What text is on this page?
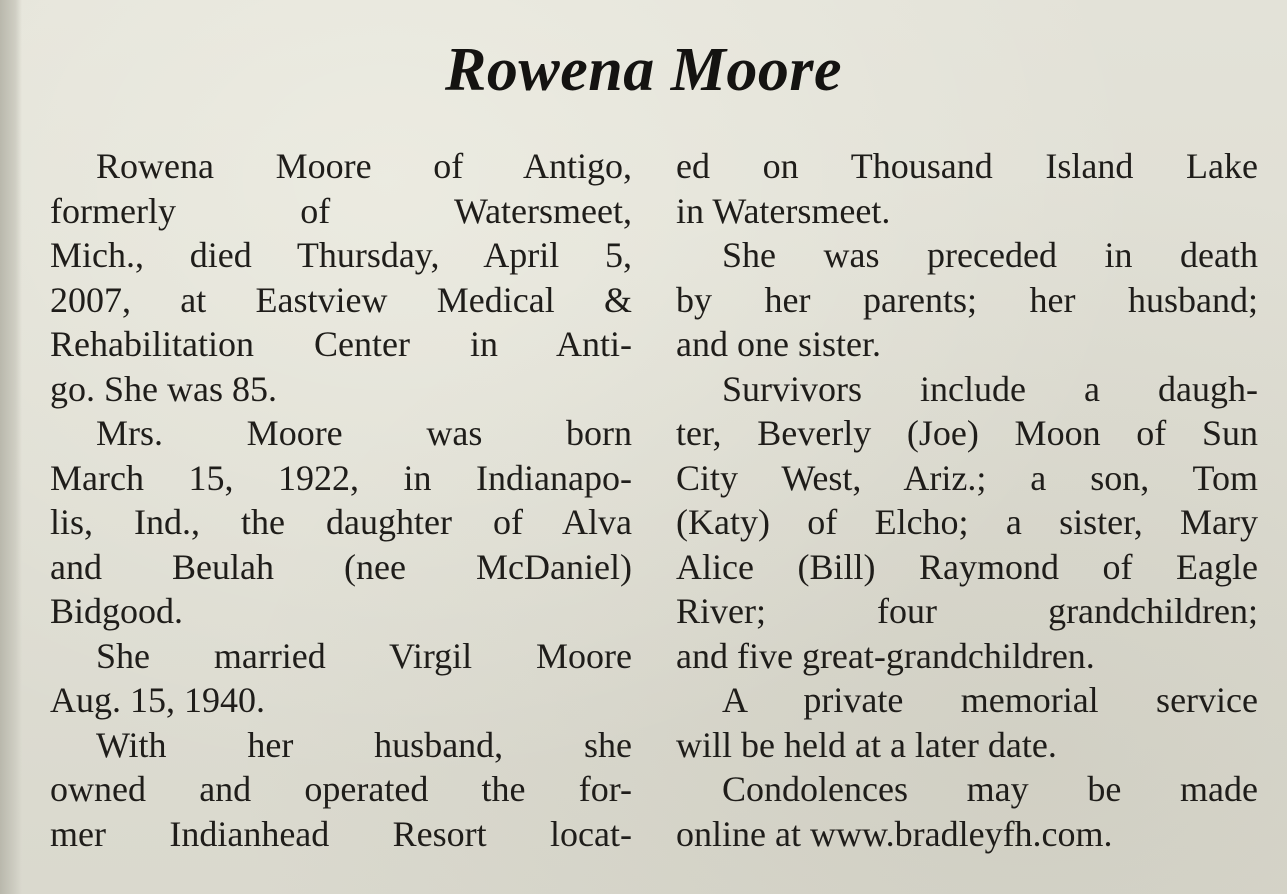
Rowena Moore
Rowena Moore of Antigo,
formerly of Watersmeet,
Mich., died Thursday, April 5,
2007, at Eastview Medical &
Rehabilitation Center in Anti-
go. She was 85.
Mrs. Moore was born
March 15, 1922, in Indianapo-
lis, Ind., the daughter of Alva
and Beulah (nee McDaniel)
Bidgood.
She married Virgil Moore
Aug. 15, 1940.
With her husband, she
owned and operated the for-
mer Indianhead Resort locat-
ed on Thousand Island Lake
in Watersmeet.
She was preceded in death
by her parents; her husband;
and one sister.
Survivors include a daugh-
ter, Beverly (Joe) Moon of Sun
City West, Ariz.; a son, Tom
(Katy) of Elcho; a sister, Mary
Alice (Bill) Raymond of Eagle
River; four grandchildren;
and five great-grandchildren.
A private memorial service
will be held at a later date.
Condolences may be made
online at www.bradleyfh.com.
